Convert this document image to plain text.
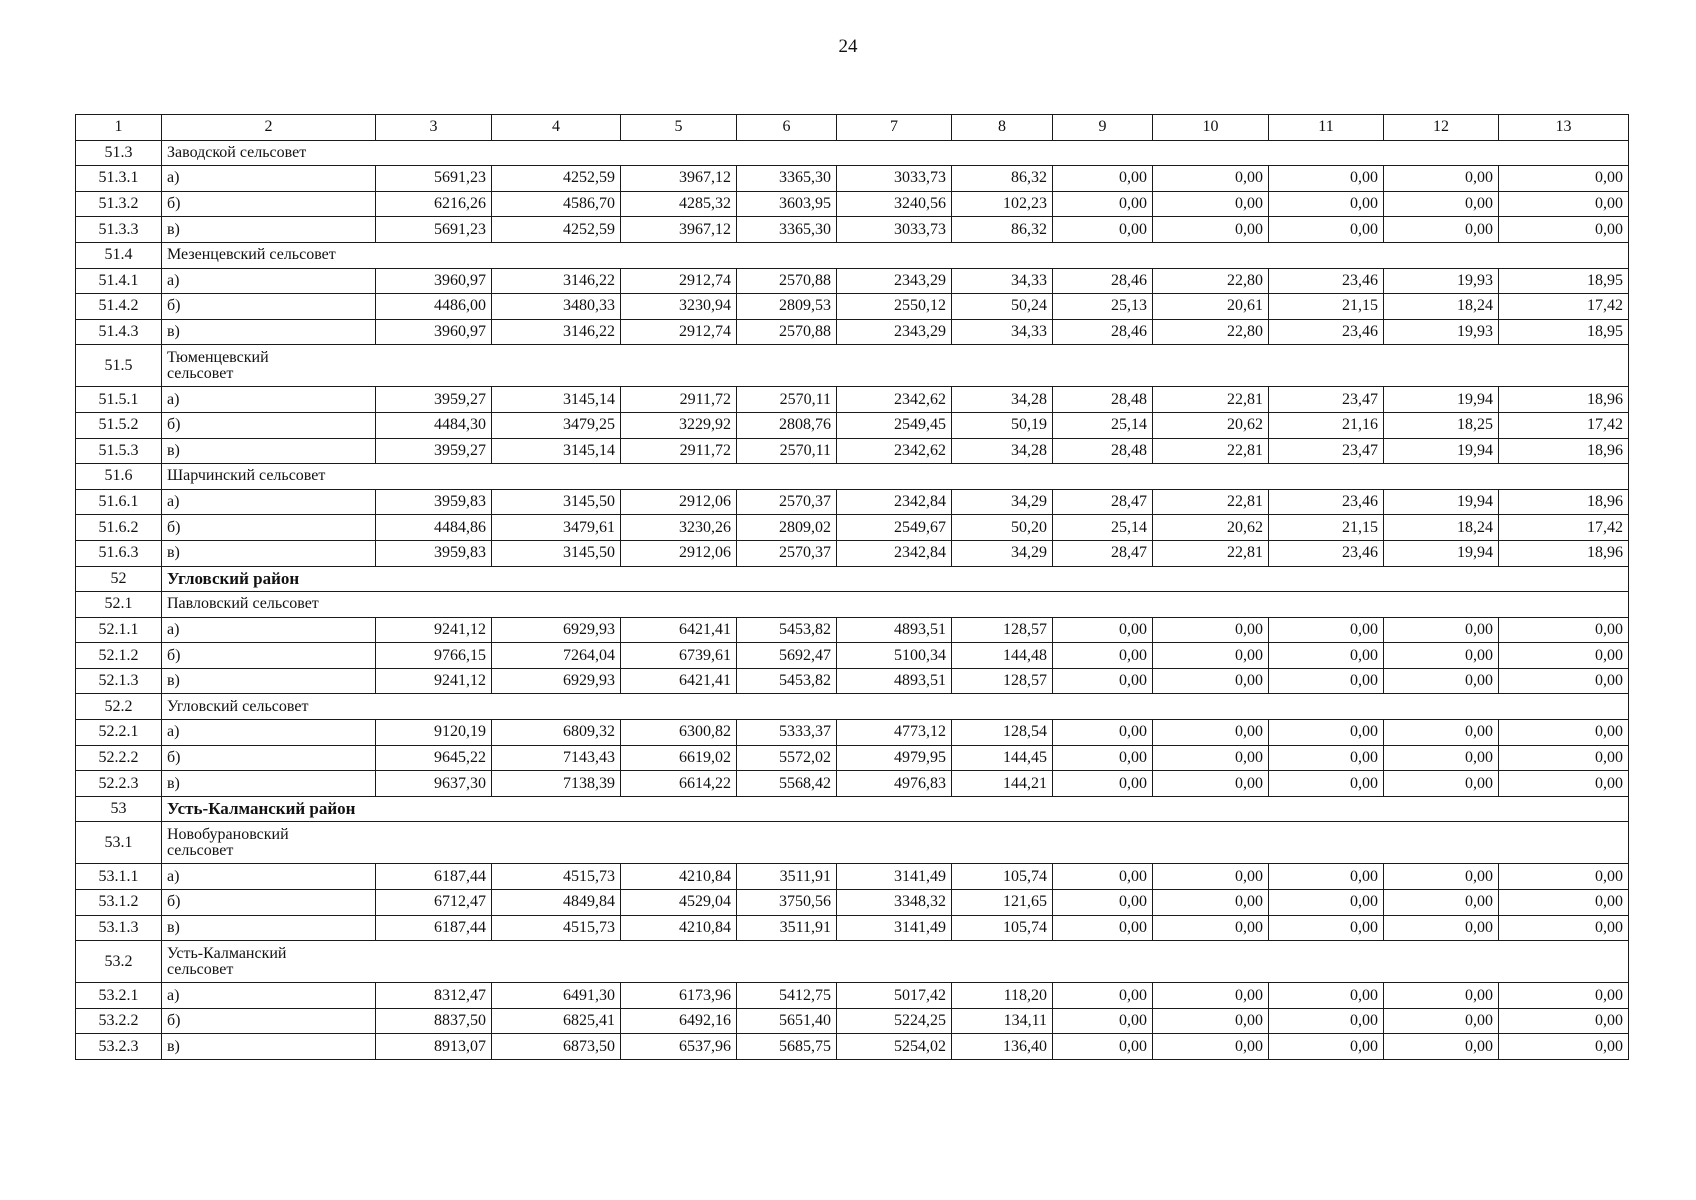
24
1	2	3	4	5	6	7	8	9	10	11	12	13
51.3	Заводской сельсовет											
51.3.1	а)	5691,23	4252,59	3967,12	3365,30	3033,73	86,32	0,00	0,00	0,00	0,00	0,00
51.3.2	б)	6216,26	4586,70	4285,32	3603,95	3240,56	102,23	0,00	0,00	0,00	0,00	0,00
51.3.3	в)	5691,23	4252,59	3967,12	3365,30	3033,73	86,32	0,00	0,00	0,00	0,00	0,00
51.4	Мезенцевский сельсовет											
51.4.1	а)	3960,97	3146,22	2912,74	2570,88	2343,29	34,33	28,46	22,80	23,46	19,93	18,95
51.4.2	б)	4486,00	3480,33	3230,94	2809,53	2550,12	50,24	25,13	20,61	21,15	18,24	17,42
51.4.3	в)	3960,97	3146,22	2912,74	2570,88	2343,29	34,33	28,46	22,80	23,46	19,93	18,95
51.5	Тюменцевский сельсовет											
51.5.1	а)	3959,27	3145,14	2911,72	2570,11	2342,62	34,28	28,48	22,81	23,47	19,94	18,96
51.5.2	б)	4484,30	3479,25	3229,92	2808,76	2549,45	50,19	25,14	20,62	21,16	18,25	17,42
51.5.3	в)	3959,27	3145,14	2911,72	2570,11	2342,62	34,28	28,48	22,81	23,47	19,94	18,96
51.6	Шарчинский сельсовет											
51.6.1	а)	3959,83	3145,50	2912,06	2570,37	2342,84	34,29	28,47	22,81	23,46	19,94	18,96
51.6.2	б)	4484,86	3479,61	3230,26	2809,02	2549,67	50,20	25,14	20,62	21,15	18,24	17,42
51.6.3	в)	3959,83	3145,50	2912,06	2570,37	2342,84	34,29	28,47	22,81	23,46	19,94	18,96
52	Угловский район											
52.1	Павловский сельсовет											
52.1.1	а)	9241,12	6929,93	6421,41	5453,82	4893,51	128,57	0,00	0,00	0,00	0,00	0,00
52.1.2	б)	9766,15	7264,04	6739,61	5692,47	5100,34	144,48	0,00	0,00	0,00	0,00	0,00
52.1.3	в)	9241,12	6929,93	6421,41	5453,82	4893,51	128,57	0,00	0,00	0,00	0,00	0,00
52.2	Угловский сельсовет											
52.2.1	а)	9120,19	6809,32	6300,82	5333,37	4773,12	128,54	0,00	0,00	0,00	0,00	0,00
52.2.2	б)	9645,22	7143,43	6619,02	5572,02	4979,95	144,45	0,00	0,00	0,00	0,00	0,00
52.2.3	в)	9637,30	7138,39	6614,22	5568,42	4976,83	144,21	0,00	0,00	0,00	0,00	0,00
53	Усть-Калманский район											
53.1	Новобурановский сельсовет											
53.1.1	а)	6187,44	4515,73	4210,84	3511,91	3141,49	105,74	0,00	0,00	0,00	0,00	0,00
53.1.2	б)	6712,47	4849,84	4529,04	3750,56	3348,32	121,65	0,00	0,00	0,00	0,00	0,00
53.1.3	в)	6187,44	4515,73	4210,84	3511,91	3141,49	105,74	0,00	0,00	0,00	0,00	0,00
53.2	Усть-Калманский сельсовет											
53.2.1	а)	8312,47	6491,30	6173,96	5412,75	5017,42	118,20	0,00	0,00	0,00	0,00	0,00
53.2.2	б)	8837,50	6825,41	6492,16	5651,40	5224,25	134,11	0,00	0,00	0,00	0,00	0,00
53.2.3	в)	8913,07	6873,50	6537,96	5685,75	5254,02	136,40	0,00	0,00	0,00	0,00	0,00
